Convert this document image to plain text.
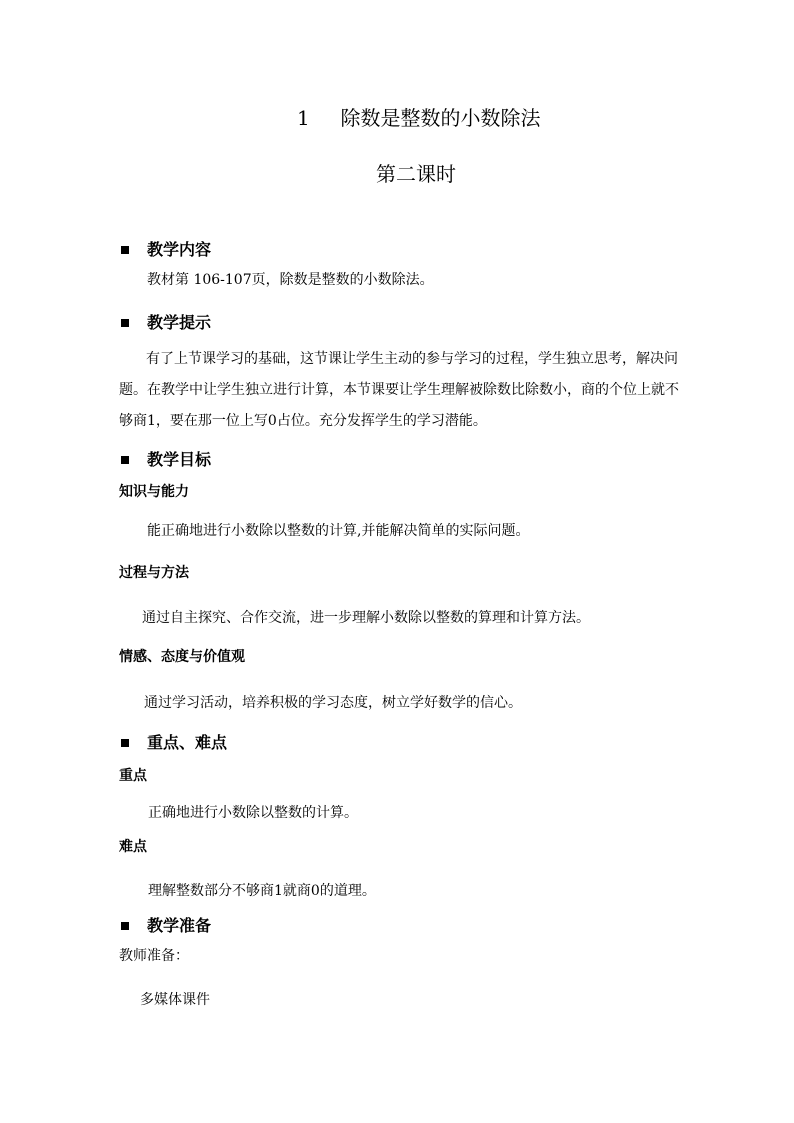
1 除数是整数的小数除法
第二课时
教学内容
教材第 106-107页，除数是整数的小数除法。
教学提示
有了上节课学习的基础，这节课让学生主动的参与学习的过程，学生独立思考，解决问
题。在教学中让学生独立进行计算，本节课要让学生理解被除数比除数小，商的个位上就不
够商1，要在那一位上写0占位。充分发挥学生的学习潜能。
教学目标
知识与能力
能正确地进行小数除以整数的计算,并能解决简单的实际问题。
过程与方法
通过自主探究、合作交流，进一步理解小数除以整数的算理和计算方法。
情感、态度与价值观
通过学习活动，培养积极的学习态度，树立学好数学的信心。
重点、难点
重点
正确地进行小数除以整数的计算。
难点
理解整数部分不够商1就商0的道理。
教学准备
教师准备：
多媒体课件
